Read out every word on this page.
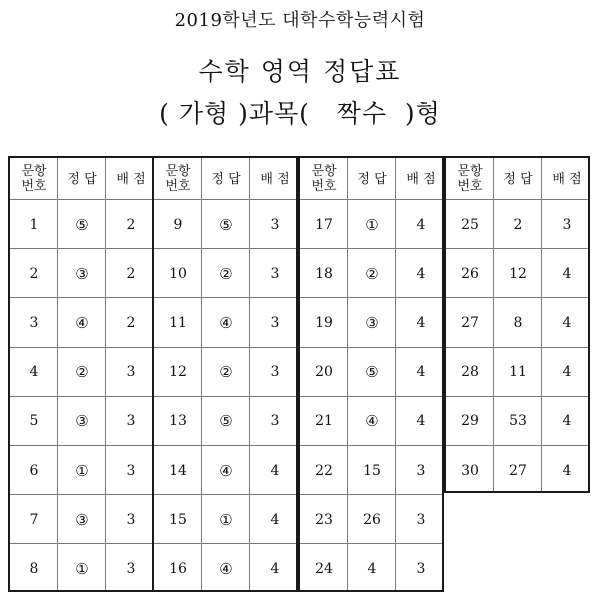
2019학년도 대학수학능력시험
수학 영역 정답표
( 가형 )과목(   짝수  )형
문항 번호	정 답	배 점
1	⑤	2
2	③	2
3	④	2
4	②	3
5	③	3
6	①	3
7	③	3
8	①	3
문항 번호	정 답	배 점
9	⑤	3
10	②	3
11	④	3
12	②	3
13	⑤	3
14	④	4
15	①	4
16	④	4
문항 번호	정 답	배 점
17	①	4
18	②	4
19	③	4
20	⑤	4
21	④	4
22	15	3
23	26	3
24	4	3
문항 번호	정 답	배 점
25	2	3
26	12	4
27	8	4
28	11	4
29	53	4
30	27	4
